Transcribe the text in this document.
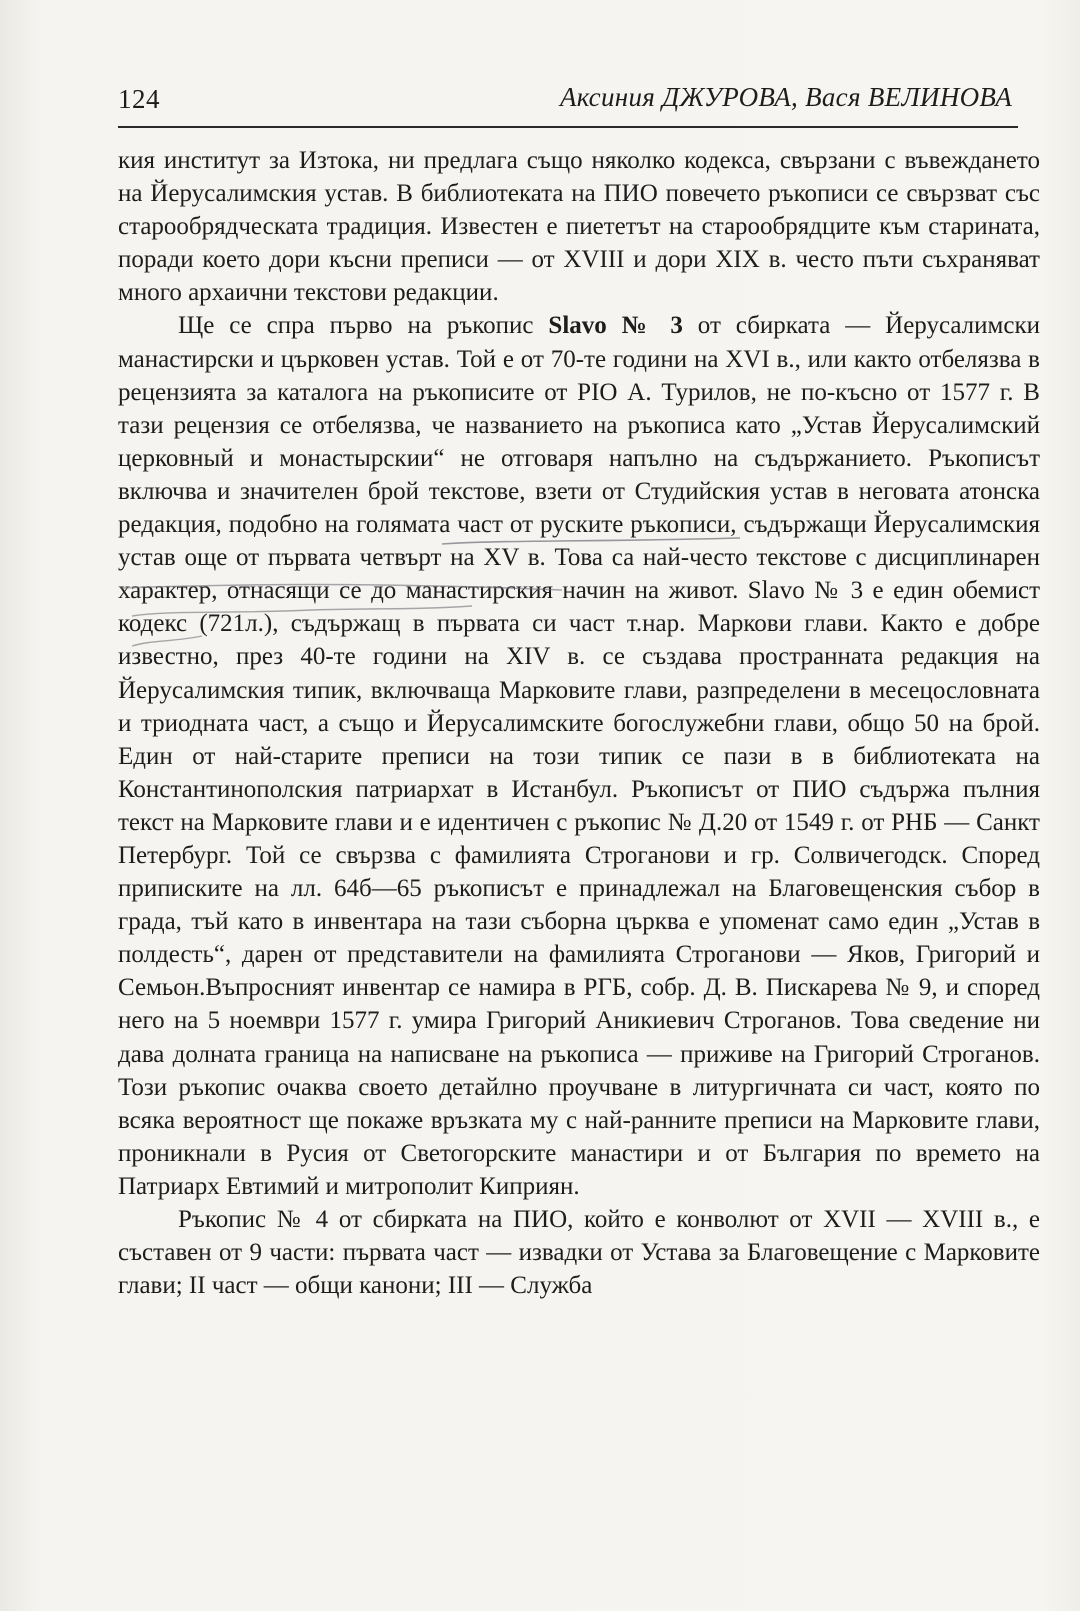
124	Аксиния ДЖУРОВА, Вася ВЕЛИНОВА

кия институт за Изтока, ни предлага също няколко кодекса, свързани с въвеждането на Йерусалимския устав. В библиотеката на ПИО повечето ръкописи се свързват със старообрядческата традиция. Известен е пиететът на старообрядците към старината, поради което дори късни преписи — от XVIII и дори XIX в. често пъти съхраняват много архаични текстови редакции.

Ще се спра първо на ръкопис Slavo № 3 от сбирката — Йерусалимски манастирски и църковен устав. Той е от 70-те години на XVI в., или както отбелязва в рецензията за каталога на ръкописите от PIO А. Турилов, не по-късно от 1577 г. В тази рецензия се отбелязва, че названието на ръкописа като „Устав Йерусалимский церковный и монастырскии“ не отговаря напълно на съдържанието. Ръкописът включва и значителен брой текстове, взети от Студийския устав в неговата атонска редакция, подобно на голямата част от руските ръкописи, съдържащи Йерусалимския устав още от първата четвърт на XV в. Това са най-често текстове с дисциплинарен характер, отнасящи се до манастирския начин на живот. Slavo № 3 е един обемист кодекс (721л.), съдържащ в първата си част т.нар. Маркови глави. Както е добре известно, през 40-те години на XIV в. се създава пространната редакция на Йерусалимския типик, включваща Марковите глави, разпределени в месецословната и триодната част, а също и Йерусалимските богослужебни глави, общо 50 на брой. Един от най-старите преписи на този типик се пази в в библиотеката на Константинополския патриархат в Истанбул. Ръкописът от ПИО съдържа пълния текст на Марковите глави и е идентичен с ръкопис № Д.20 от 1549 г. от РНБ — Санкт Петербург. Той се свързва с фамилията Строганови и гр. Солвичегодск. Според приписките на лл. 64б—65 ръкописът е принадлежал на Благовещенския събор в града, тъй като в инвентара на тази съборна църква е упоменат само един „Устав в полдесть“, дарен от представители на фамилията Строганови — Яков, Григорий и Семьон.Въпросният инвентар се намира в РГБ, собр. Д. В. Пискарева № 9, и според него на 5 ноември 1577 г. умира Григорий Аникиевич Строганов. Това сведение ни дава долната граница на написване на ръкописа — приживе на Григорий Строганов. Този ръкопис очаква своето детайлно проучване в литургичната си част, която по всяка вероятност ще покаже връзката му с най-ранните преписи на Марковите глави, проникнали в Русия от Светогорските манастири и от България по времето на Патриарх Евтимий и митрополит Киприян.

Ръкопис № 4 от сбирката на ПИО, който е конволют от XVII — XVIII в., е съставен от 9 части: първата част — извадки от Устава за Благовещение с Марковите глави; II част — общи канони; III — Служба
